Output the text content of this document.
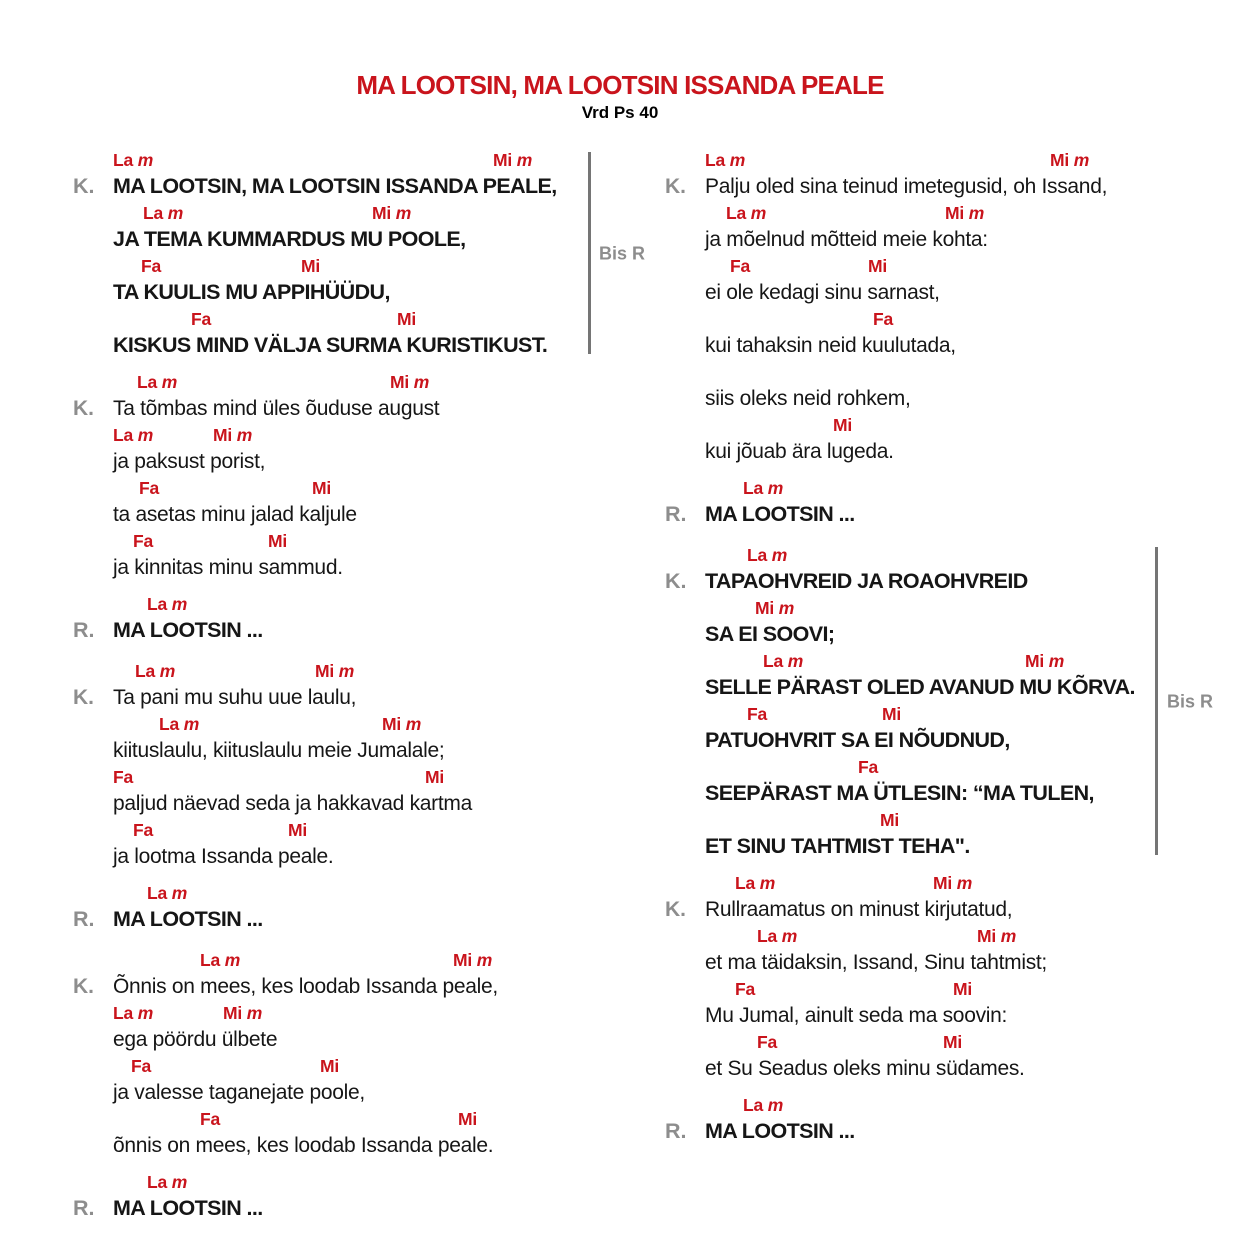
MA LOOTSIN, MA LOOTSIN ISSANDA PEALE
Vrd Ps 40
La m	Mi m
K. MA LOOTSIN, MA LOOTSIN ISSANDA PEALE,
La m	Mi m
JA TEMA KUMMARDUS MU POOLE,
Fa	Mi
TA KUULIS MU APPIHÜÜDU,
Fa	Mi
KISKUS MIND VÄLJA SURMA KURISTIKUST.
Bis R
La m	Mi m
K. Ta tõmbas mind üles õuduse august
La m	Mi m
ja paksust porist,
Fa	Mi
ta asetas minu jalad kaljule
Fa	Mi
ja kinnitas minu sammud.
La m
R. MA LOOTSIN ...
La m	Mi m
K. Ta pani mu suhu uue laulu,
La m	Mi m
kiituslaulu, kiituslaulu meie Jumalale;
Fa	Mi
paljud näevad seda ja hakkavad kartma
Fa	Mi
ja lootma Issanda peale.
La m
R. MA LOOTSIN ...
La m	Mi m
K. Õnnis on mees, kes loodab Issanda peale,
La m	Mi m
ega pöördu ülbete
Fa	Mi
ja valesse taganejate poole,
Fa	Mi
õnnis on mees, kes loodab Issanda peale.
La m
R. MA LOOTSIN ...
La m	Mi m
K. Palju oled sina teinud imetegusid, oh Issand,
La m	Mi m
ja mõelnud mõtteid meie kohta:
Fa	Mi
ei ole kedagi sinu sarnast,
Fa
kui tahaksin neid kuulutada,
siis oleks neid rohkem,
Mi
kui jõuab ära lugeda.
La m
R. MA LOOTSIN ...
La m
K. TAPAOHVREID JA ROAOHVREID
Mi m
SA EI SOOVI;
La m	Mi m
SELLE PÄRAST OLED AVANUD MU KÕRVA.
Fa	Mi
PATUOHVRIT SA EI NÕUDNUD,
Fa
SEEPÄRAST MA ÜTLESIN: “MA TULEN,
Mi
ET SINU TAHTMIST TEHA".
Bis R
La m	Mi m
K. Rullraamatus on minust kirjutatud,
La m	Mi m
et ma täidaksin, Issand, Sinu tahtmist;
Fa	Mi
Mu Jumal, ainult seda ma soovin:
Fa	Mi
et Su Seadus oleks minu südames.
La m
R. MA LOOTSIN ...
